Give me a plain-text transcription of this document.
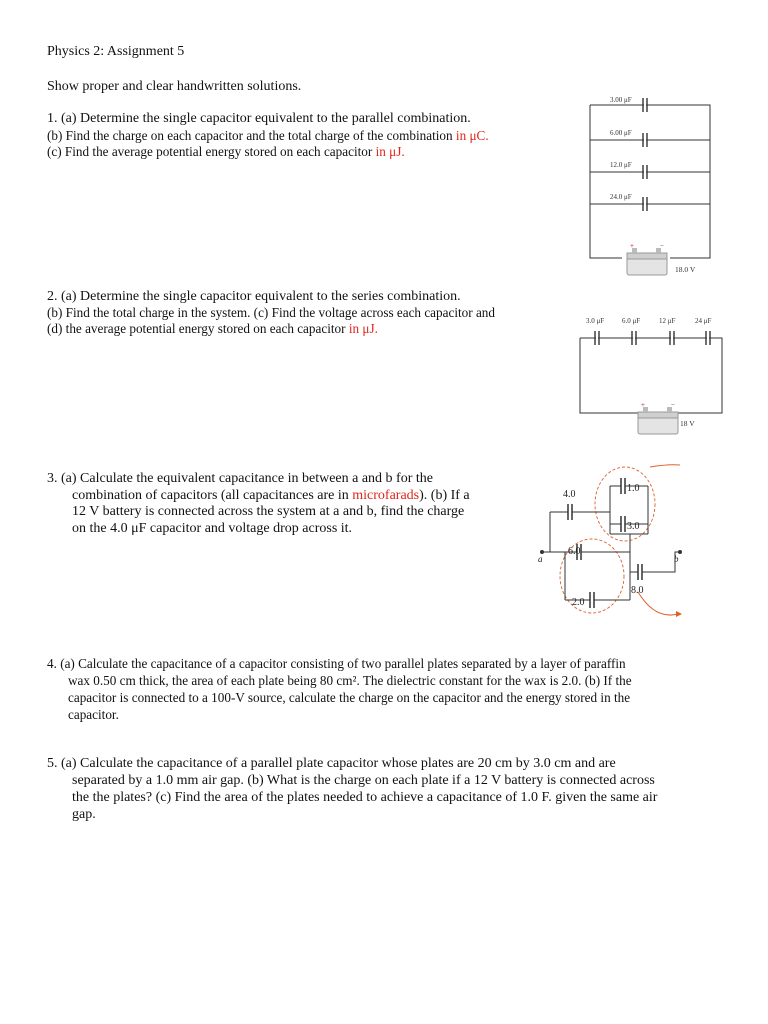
Physics 2: Assignment 5

Show proper and clear handwritten solutions.

1. (a) Determine the single capacitor equivalent to the parallel combination.

(b) Find the charge on each capacitor and the total charge of the combination in μC.

(c) Find the average potential energy stored on each capacitor in μJ.

3.00 μF
6.00 μF
12.0 μF
24.0 μF
+	−
18.0 V

2. (a) Determine the single capacitor equivalent to the series combination.

(b) Find the total charge in the system. (c) Find the voltage across each capacitor and

(d) the average potential energy stored on each capacitor in μJ.	3.0 μF	6.0 μF	12 μF	24 μF
+	−
18 V

3. (a) Calculate the equivalent capacitance in between a and b for the

combination of capacitors (all capacitances are in microfarads). (b) If a

12 V battery is connected across the system at a and b, find the charge

on the 4.0 μF capacitor and voltage drop across it.

4.0
1.0
3.0
6.0
2.0
8.0
a	b

4. (a) Calculate the capacitance of a capacitor consisting of two parallel plates separated by a layer of paraffin

wax 0.50 cm thick, the area of each plate being 80 cm². The dielectric constant for the wax is 2.0. (b) If the

capacitor is connected to a 100-V source, calculate the charge on the capacitor and the energy stored in the

capacitor.

5. (a) Calculate the capacitance of a parallel plate capacitor whose plates are 20 cm by 3.0 cm and are

separated by a 1.0 mm air gap. (b) What is the charge on each plate if a 12 V battery is connected across

the the plates? (c) Find the area of the plates needed to achieve a capacitance of 1.0 F. given the same air

gap.
